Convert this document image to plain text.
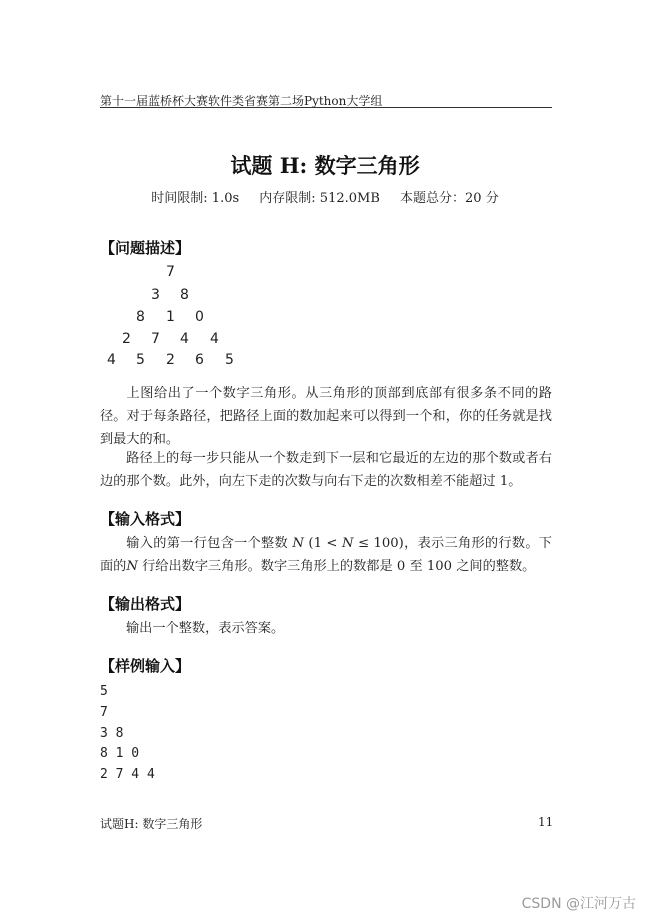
第十一届蓝桥杯大赛软件类省赛第二场Python大学组
试题 H: 数字三角形
时间限制: 1.0s 内存限制: 512.0MB 本题总分：20 分
【问题描述】
7
3 8
8 1 0
2 7 4 4
4 5 2 6 5

上图给出了一个数字三角形。从三角形的顶部到底部有很多条不同的路径。对于每条路径，把路径上面的数加起来可以得到一个和，你的任务就是找到最大的和。

路径上的每一步只能从一个数走到下一层和它最近的左边的那个数或者右边的那个数。此外，向左下走的次数与向右下走的次数相差不能超过 1。

【输入格式】

输入的第一行包含一个整数 N (1 < N ≤ 100)，表示三角形的行数。下面的N 行给出数字三角形。数字三角形上的数都是 0 至 100 之间的整数。

【输出格式】

输出一个整数，表示答案。

【样例输入】
5
7
3 8
8 1 0
2 7 4 4
试题H: 数字三角形	11
CSDN @江河万古
